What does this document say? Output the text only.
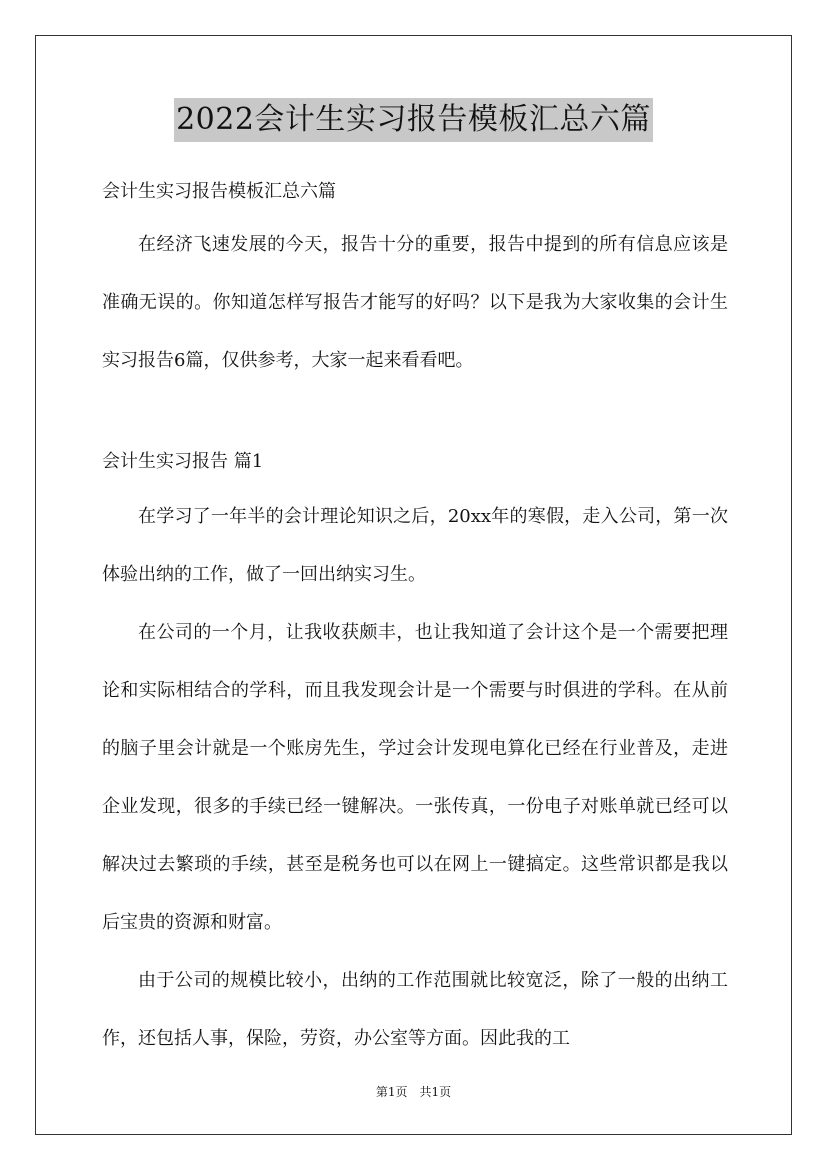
2022会计生实习报告模板汇总六篇

会计生实习报告模板汇总六篇

在经济飞速发展的今天，报告十分的重要，报告中提到的所有信息应该是准确无误的。你知道怎样写报告才能写的好吗？以下是我为大家收集的会计生实习报告6篇，仅供参考，大家一起来看看吧。

会计生实习报告 篇1

在学习了一年半的会计理论知识之后，20xx年的寒假，走入公司，第一次体验出纳的工作，做了一回出纳实习生。

在公司的一个月，让我收获颇丰，也让我知道了会计这个是一个需要把理论和实际相结合的学科，而且我发现会计是一个需要与时俱进的学科。在从前的脑子里会计就是一个账房先生，学过会计发现电算化已经在行业普及，走进企业发现，很多的手续已经一键解决。一张传真，一份电子对账单就已经可以解决过去繁琐的手续，甚至是税务也可以在网上一键搞定。这些常识都是我以后宝贵的资源和财富。

由于公司的规模比较小，出纳的工作范围就比较宽泛，除了一般的出纳工作，还包括人事，保险，劳资，办公室等方面。因此我的工

第1页　共1页
